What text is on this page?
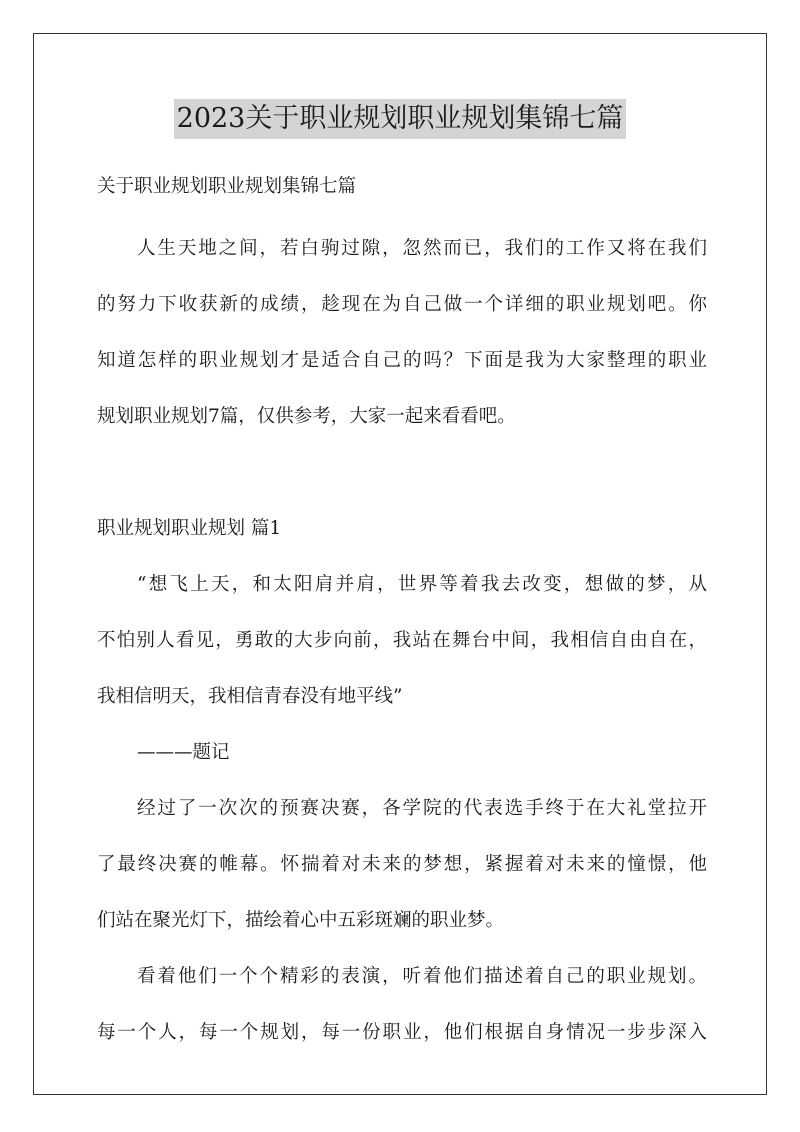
2023关于职业规划职业规划集锦七篇
关于职业规划职业规划集锦七篇
人生天地之间，若白驹过隙，忽然而已，我们的工作又将在我们
的努力下收获新的成绩，趁现在为自己做一个详细的职业规划吧。你
知道怎样的职业规划才是适合自己的吗？下面是我为大家整理的职业
规划职业规划7篇，仅供参考，大家一起来看看吧。
职业规划职业规划 篇1
“想飞上天，和太阳肩并肩，世界等着我去改变，想做的梦，从
不怕别人看见，勇敢的大步向前，我站在舞台中间，我相信自由自在，
我相信明天，我相信青春没有地平线”
———题记
经过了一次次的预赛决赛，各学院的代表选手终于在大礼堂拉开
了最终决赛的帷幕。怀揣着对未来的梦想，紧握着对未来的憧憬，他
们站在聚光灯下，描绘着心中五彩斑斓的职业梦。
看着他们一个个精彩的表演，听着他们描述着自己的职业规划。
每一个人，每一个规划，每一份职业，他们根据自身情况一步步深入
